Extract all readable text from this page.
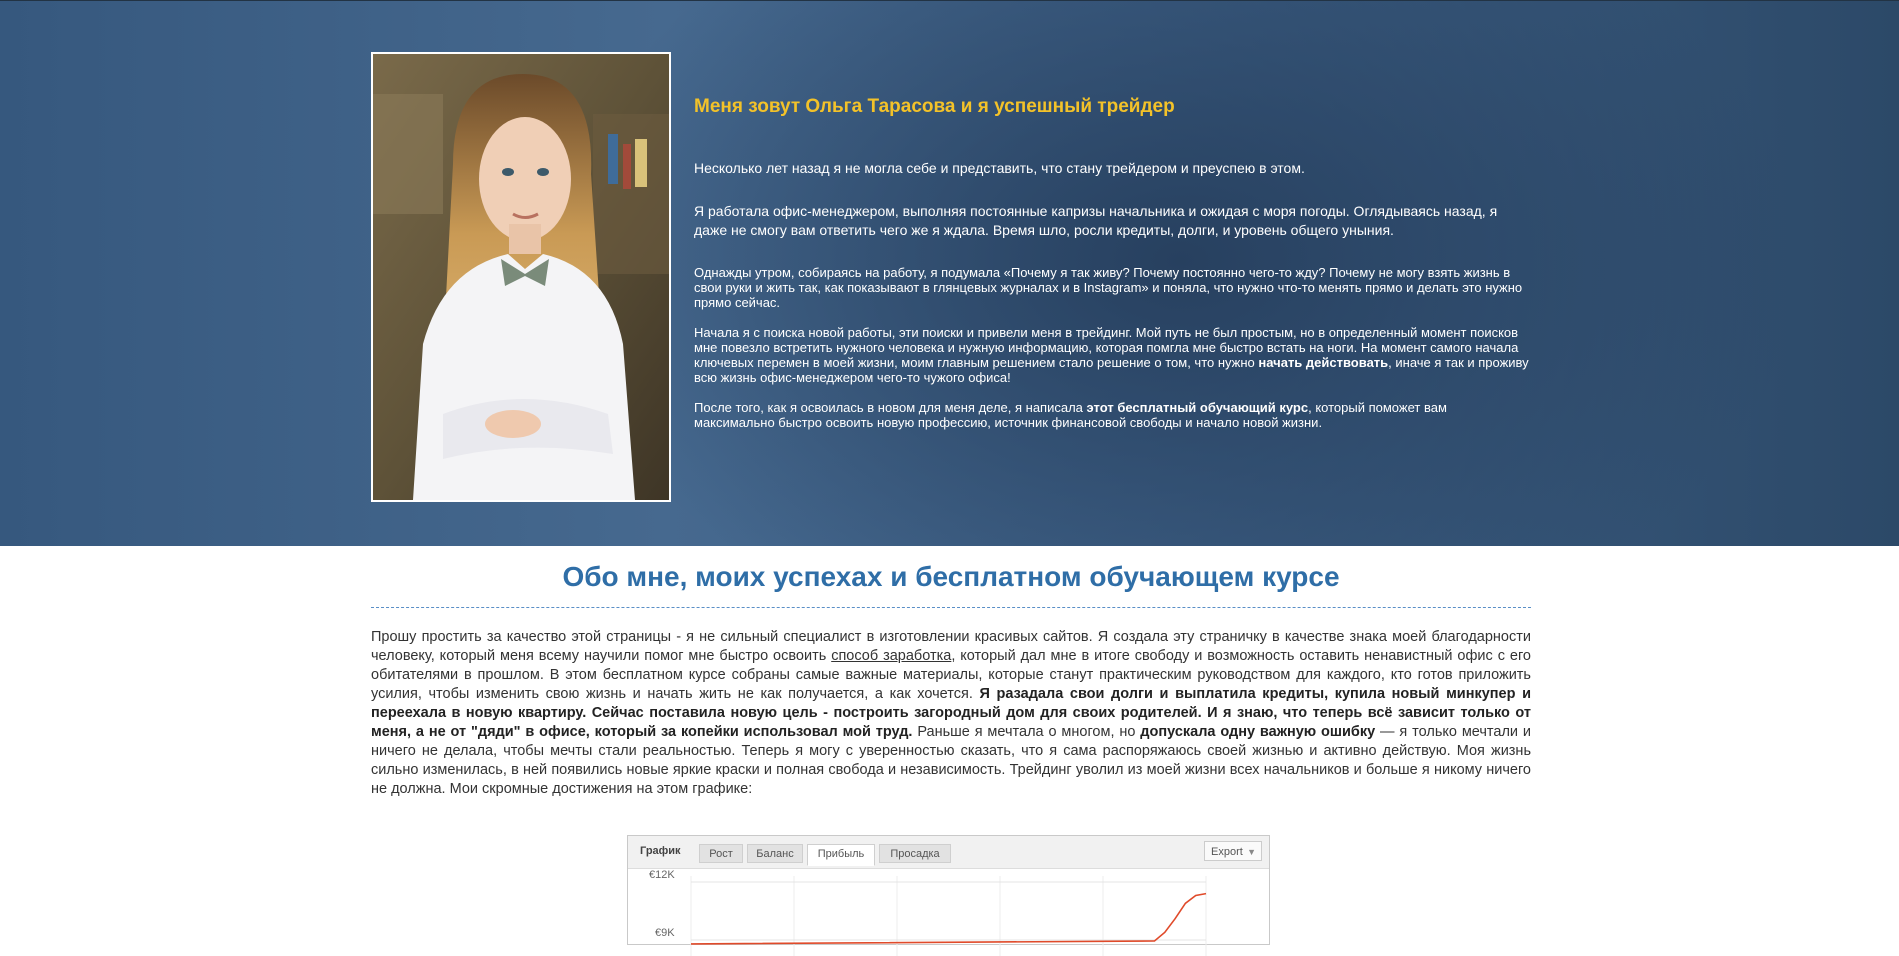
Меня зовут Ольга Тарасова и я успешный трейдер
Несколько лет назад я не могла себе и представить, что стану трейдером и преуспею в этом.
Я работала офис-менеджером, выполняя постоянные капризы начальника и ожидая с моря погоды. Оглядываясь назад, я даже не смогу вам ответить чего же я ждала. Время шло, росли кредиты, долги, и уровень общего уныния.
Однажды утром, собираясь на работу, я подумала «Почему я так живу? Почему постоянно чего-то жду? Почему не могу взять жизнь в свои руки и жить так, как показывают в глянцевых журналах и в Instagram» и поняла, что нужно что-то менять прямо и делать это нужно прямо сейчас.
Начала я с поиска новой работы, эти поиски и привели меня в трейдинг. Мой путь не был простым, но в определенный момент поисков мне повезло встретить нужного человека и нужную информацию, которая помгла мне быстро встать на ноги. На момент самого начала ключевых перемен в моей жизни, моим главным решением стало решение о том, что нужно начать действовать, иначе я так и проживу всю жизнь офис-менеджером чего-то чужого офиса!
После того, как я освоилась в новом для меня деле, я написала этот бесплатный обучающий курс, который поможет вам максимально быстро освоить новую профессию, источник финансовой свободы и начало новой жизни.
Обо мне, моих успехах и бесплатном обучающем курсе

Прошу простить за качество этой страницы - я не сильный специалист в изготовлении красивых сайтов. Я создала эту страничку в качестве знака моей благодарности человеку, который меня всему научили помог мне быстро освоить способ заработка, который дал мне в итоге свободу и возможность оставить ненавистный офис с его обитателями в прошлом. В этом бесплатном курсе собраны самые важные материалы, которые станут практическим руководством для каждого, кто готов приложить усилия, чтобы изменить свою жизнь и начать жить не как получается, а как хочется. Я разадала свои долги и выплатила кредиты, купила новый минкупер и переехала в новую квартиру. Сейчас поставила новую цель - построить загородный дом для своих родителей. И я знаю, что теперь всё зависит только от меня, а не от "дяди" в офисе, который за копейки использовал мой труд. Раньше я мечтала о многом, но допускала одну важную ошибку — я только мечтали и ничего не делала, чтобы мечты стали реальностью. Теперь я могу с уверенностью сказать, что я сама распоряжаюсь своей жизнью и активно действую. Моя жизнь сильно изменилась, в ней появились новые яркие краски и полная свобода и независимость. Трейдинг уволил из моей жизни всех начальников и больше я никому ничего не должна. Мои скромные достижения на этом графике:

График	Рост	Баланс	Прибыль	Просадка	Export ▼
€12K
€9K
